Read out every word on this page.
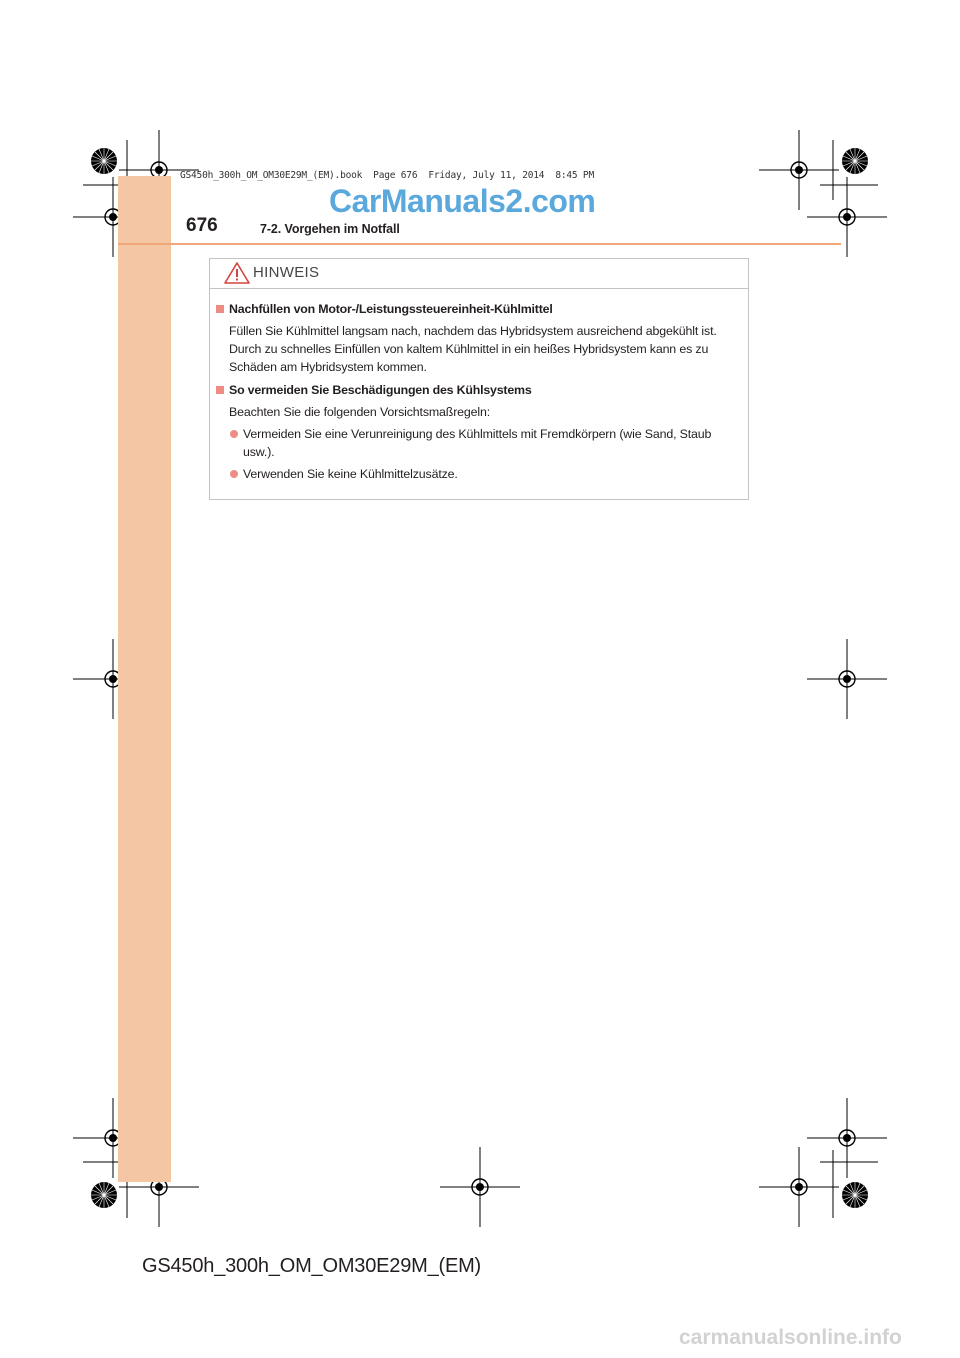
GS450h_300h_OM_OM30E29M_(EM).book  Page 676  Friday, July 11, 2014  8:45 PM
CarManuals2.com
676	7-2. Vorgehen im Notfall
HINWEIS
Nachfüllen von Motor-/Leistungssteuereinheit-Kühlmittel
Füllen Sie Kühlmittel langsam nach, nachdem das Hybridsystem ausreichend abgekühlt ist. Durch zu schnelles Einfüllen von kaltem Kühlmittel in ein heißes Hybridsystem kann es zu Schäden am Hybridsystem kommen.
So vermeiden Sie Beschädigungen des Kühlsystems
Beachten Sie die folgenden Vorsichtsmaßregeln:
Vermeiden Sie eine Verunreinigung des Kühlmittels mit Fremdkörpern (wie Sand, Staub usw.).
Verwenden Sie keine Kühlmittelzusätze.
GS450h_300h_OM_OM30E29M_(EM)
carmanualsonline.info
